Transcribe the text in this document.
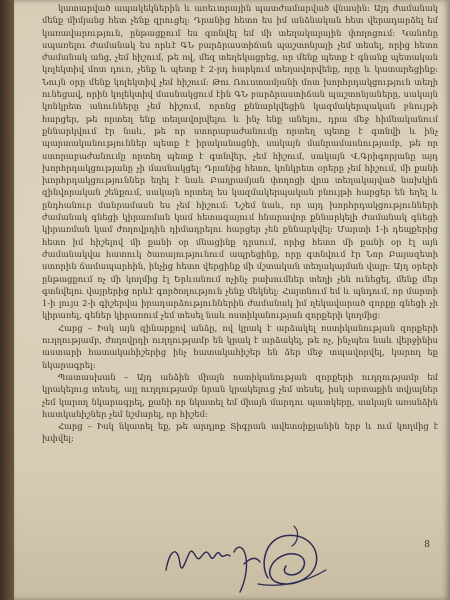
կատարված ապակեկներին և առեւտրային պատժամարված վնասին։ Այդ ժամանակ մենք միմյանց հետ չենք զրուցել։ Դրանից հետո ես իմ անձնական հետ վերադարձել եմ կառավարություն, ընթացքում ես գտնվել եմ մի տեղակալային փողոցում։ Կանոնը սպառելու ժամանակ ես որևէ ԳՆ բարձրաստիճան պաշտոնյայի չեմ տեսել, որից հետո ժամանակ անց, չեմ հիշում, թե ով, մեզ տեղեկացրեց, որ մենք պետք է գնանք պետական կոլեկտիվ մոտ դուռ, չենք և պետք է 2-րդ հարկում տեղավորվենք, որը և կատարեցինք։ Նույն օրը մենք կոլեկտիվ չեմ հիշում։ Թու Ռուստամյանի մոտ խորհրդակցություն տեղի ունեցավ, որին կոլեկտիվ մասնակցում էին ԳՆ բարձրաստիճան պաշտոնյաները, սակայն կոնկրետ անունները չեմ հիշում, որոնց քննարկվեցին կազմակերպական բնույթի հարցեր, թե որտեղ ենք տեղավորվելու և ինչ ենք անելու, դրա մեջ հիմնականում քննարկվում էր նաև, թե որ ստորաբաժանումը որտեղ պետք է գտնվի և ինչ պարտականություններ պետք է իրականացնի, սակայն մանրամասնությամբ, թե որ ստորաբաժանումը որտեղ պետք է գտնվեր, չեմ հիշում, սակայն Վ.Գրիգորյանը այդ խորհրդակցությանը չի մասնակցել։ Դրանից հետո, կոնկրետ օրերը չեմ հիշում, մի քանի խորհրդակցություններ եղել է նաև Բաղրամյան փողոցի վրա տեղակայված նախկին զինվորական շենքում, սակայն որտեղ ես կազմակերպական բնույթի հարցեր են եղել և ընդհանուր մանրամասն ես չեմ հիշում։ Նշեմ նաև, որ այդ խորհրդակցությունների ժամանակ գնեցի կիրառման կամ հետագայում հնարավոր քննարկելի ժամանակ գնեցի կիրառման կամ ժողովրդին դիմադրելու հարցեր չեն քննարկվել։ Մարտի 1-ի դեպքերից հետո իմ հիշելով մի քանի օր մնացինք դրսում, որից հետո մի քանի օր էլ այն ժամանակվա հատուկ ծառայությունում ապրեցինք, որը գտնվում էր Նոր Բայազետի ստորին ճամապարհին, ինչից հետո վերցինք մի մշտական տեղակայման վայր։ Այդ օրերի ընթացքում ոչ մի կողմից էլ Երևանում ոչինչ բախումներ տեղի չեն ունեցել, մենք մեր գտնվելու վայրերից որևէ գործողություն չենք մեկնել։ Հայտնում եմ և պնդում, որ մարտի 1-ի լույս 2-ի գիշերվա իրադարձություններին ժամանակ իմ ղեկավարած զորքը գնեցի չի կիրառել, գեներ կիրառում չեմ տեսել նաև ոստիկանության զորքերի կողմից։

Հարց – Իսկ այն զինարքով անձը, ով կրակ է արձակել ոստիկանության զորքերի ուղղությամբ, ժողովրդի ուղղությամբ են կրակ է արձակել, թե ոչ, ինչպես նաև վերջինիս աստարի հատակահիշերից ինչ հատակահիշեր են ձեր մեջ տպավորվել, կարող եք նկարագրել։

Պատասխան – Այդ անձին միայն ոստիկանության զորքերի ուղղությամբ եմ կրակելուց տեսել, այլ ուղղությամբ նրան կրակելուց չեմ տեսել, իսկ արտաքին տվյալներ չեմ կարող նկարագրել, քանի որ նկատել եմ միայն մարդու պատկերը, սակայն առանձին հատկանիշներ չեմ նշմարել, որ հիշեմ։

Հարց – Իսկ նկատել եք, թե արդյոք Տիգրան ավետսիքյանին երբ և ում կողմից է խփվել։

8
